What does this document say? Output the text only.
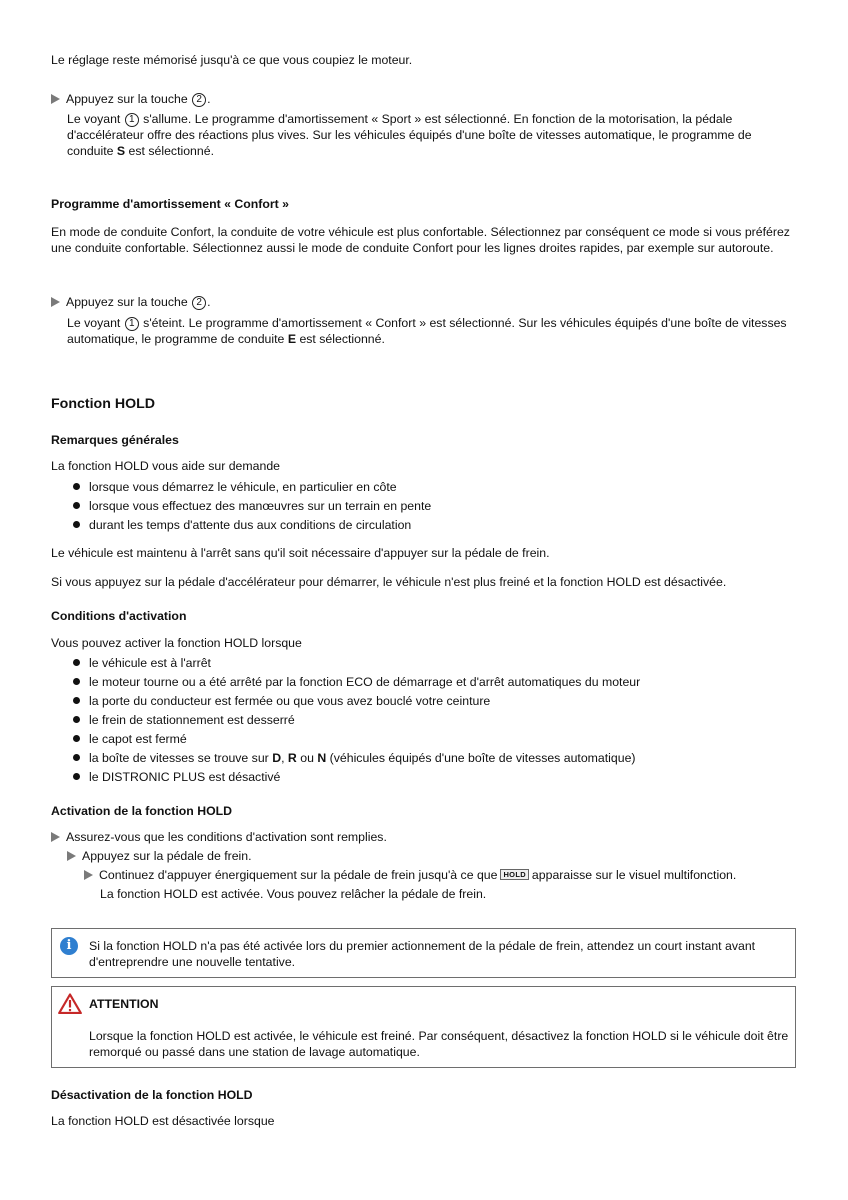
Le réglage reste mémorisé jusqu'à ce que vous coupiez le moteur.

Appuyez sur la touche 2 .

Le voyant 1 s'allume. Le programme d'amortissement « Sport » est sélectionné. En fonction de la motorisation, la pédale d'accélérateur offre des réactions plus vives. Sur les véhicules équipés d'une boîte de vitesses automatique, le programme de conduite S est sélectionné.

Programme d'amortissement « Confort »

En mode de conduite Confort, la conduite de votre véhicule est plus confortable. Sélectionnez par conséquent ce mode si vous préférez une conduite confortable. Sélectionnez aussi le mode de conduite Confort pour les lignes droites rapides, par exemple sur autoroute.

Appuyez sur la touche 2 .

Le voyant 1 s'éteint. Le programme d'amortissement « Confort » est sélectionné. Sur les véhicules équipés d'une boîte de vitesses automatique, le programme de conduite E est sélectionné.

Fonction HOLD

Remarques générales

La fonction HOLD vous aide sur demande

lorsque vous démarrez le véhicule, en particulier en côte
lorsque vous effectuez des manœuvres sur un terrain en pente
durant les temps d'attente dus aux conditions de circulation

Le véhicule est maintenu à l'arrêt sans qu'il soit nécessaire d'appuyer sur la pédale de frein.

Si vous appuyez sur la pédale d'accélérateur pour démarrer, le véhicule n'est plus freiné et la fonction HOLD est désactivée.

Conditions d'activation

Vous pouvez activer la fonction HOLD lorsque

le véhicule est à l'arrêt
le moteur tourne ou a été arrêté par la fonction ECO de démarrage et d'arrêt automatiques du moteur
la porte du conducteur est fermée ou que vous avez bouclé votre ceinture
le frein de stationnement est desserré
le capot est fermé
la boîte de vitesses se trouve sur D, R ou N (véhicules équipés d'une boîte de vitesses automatique)
le DISTRONIC PLUS est désactivé

Activation de la fonction HOLD

Assurez-vous que les conditions d'activation sont remplies.

Appuyez sur la pédale de frein.

Continuez d'appuyer énergiquement sur la pédale de frein jusqu'à ce que HOLD apparaisse sur le visuel multifonction.

La fonction HOLD est activée. Vous pouvez relâcher la pédale de frein.

i	Si la fonction HOLD n'a pas été activée lors du premier actionnement de la pédale de frein, attendez un court instant avant d'entreprendre une nouvelle tentative.

ATTENTION

Lorsque la fonction HOLD est activée, le véhicule est freiné. Par conséquent, désactivez la fonction HOLD si le véhicule doit être remorqué ou passé dans une station de lavage automatique.

Désactivation de la fonction HOLD

La fonction HOLD est désactivée lorsque
